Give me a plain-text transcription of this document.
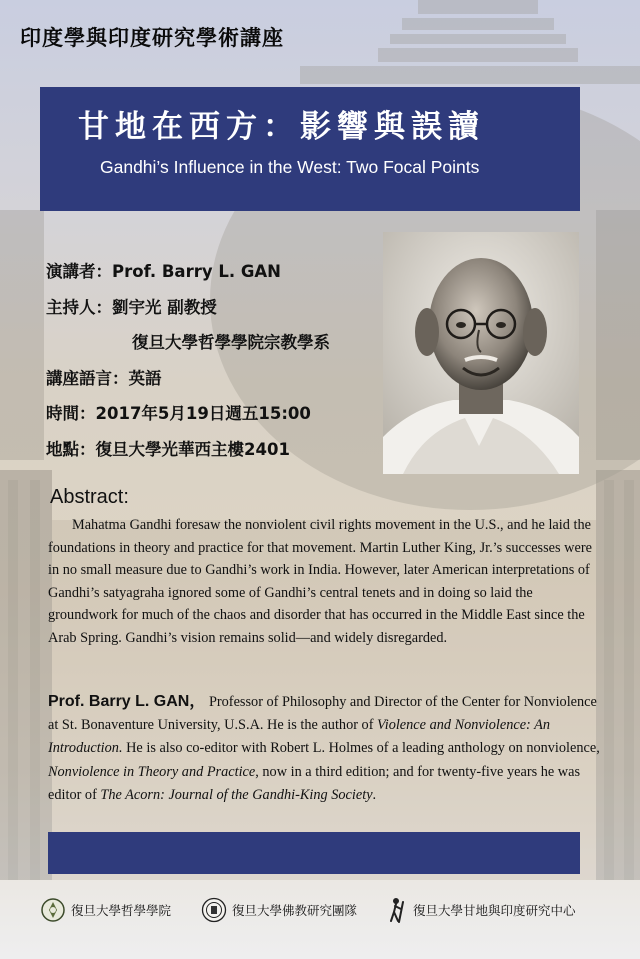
印度學與印度研究學術講座
甘地在西方：影響與誤讀
Gandhi’s Influence in the West: Two Focal Points
演講者：Prof. Barry L. GAN
主持人：劉宇光 副教授
復旦大學哲學學院宗教學系
講座語言：英語
時間：2017年5月19日週五15:00
地點：復旦大學光華西主樓2401
Abstract:

Mahatma Gandhi foresaw the nonviolent civil rights movement in the U.S., and he laid the foundations in theory and practice for that movement. Martin Luther King, Jr.’s successes were in no small measure due to Gandhi’s work in India. However, later American interpretations of Gandhi’s satyagraha ignored some of Gandhi’s central tenets and in doing so laid the groundwork for much of the chaos and disorder that has occurred in the Middle East since the Arab Spring. Gandhi’s vision remains solid—and widely disregarded.

Prof. Barry L. GAN， Professor of Philosophy and Director of the Center for Nonviolence at St. Bonaventure University, U.S.A. He is the author of Violence and Nonviolence: An Introduction. He is also co-editor with Robert L. Holmes of a leading anthology on nonviolence, Nonviolence in Theory and Practice, now in a third edition; and for twenty-five years he was editor of The Acorn: Journal of the Gandhi-King Society.

復旦大學哲學學院	復旦大學佛教研究團隊	復旦大學甘地與印度研究中心
